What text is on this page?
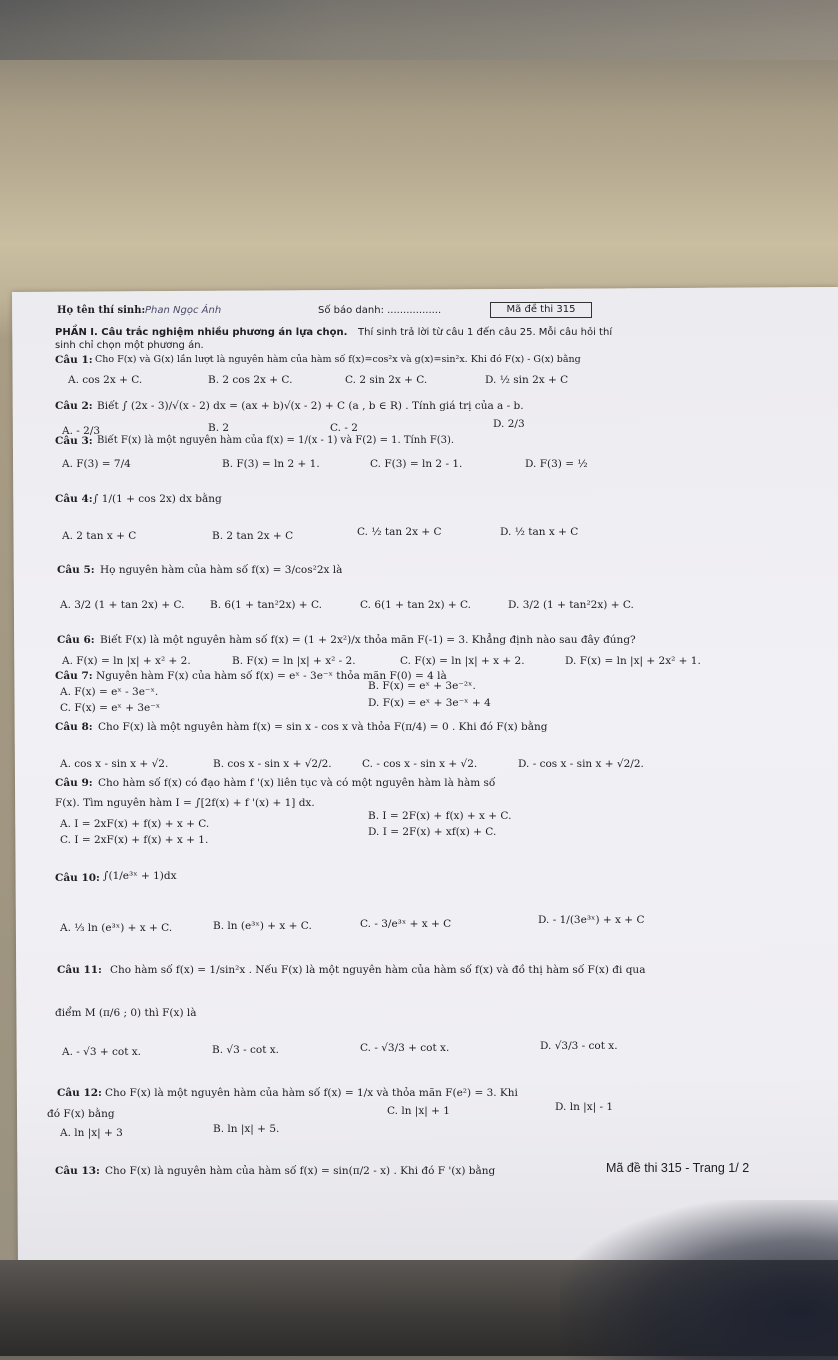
Họ tên thí sinh: Phan Ngọc Ánh	Số báo danh: .................	Mã đề thi 315
PHẦN I. Câu trắc nghiệm nhiều phương án lựa chọn. Thí sinh trả lời từ câu 1 đến câu 25. Mỗi câu hỏi thí
sinh chỉ chọn một phương án.
Câu 1: Cho F(x) và G(x) lần lượt là nguyên hàm của hàm số f(x)=cos²x và g(x)=sin²x. Khi đó F(x) - G(x) bằng
A. cos 2x + C.	B. 2 cos 2x + C.	C. 2 sin 2x + C.	D. ½ sin 2x + C
Câu 2: Biết ∫ (2x - 3)/√(x - 2) dx = (ax + b)√(x - 2) + C (a , b ∈ R) . Tính giá trị của a - b.
A. - 2/3	B. 2	C. - 2	D. 2/3
Câu 3: Biết F(x) là một nguyên hàm của f(x) = 1/(x - 1) và F(2) = 1. Tính F(3).
A. F(3) = 7/4	B. F(3) = ln 2 + 1.	C. F(3) = ln 2 - 1.	D. F(3) = ½
Câu 4: ∫ 1/(1 + cos 2x) dx bằng
A. 2 tan x + C	B. 2 tan 2x + C	C. ½ tan 2x + C	D. ½ tan x + C
Câu 5: Họ nguyên hàm của hàm số f(x) = 3/cos²2x là
A. 3/2 (1 + tan 2x) + C. B. 6(1 + tan²2x) + C.	C. 6(1 + tan 2x) + C.	D. 3/2 (1 + tan²2x) + C.
Câu 6: Biết F(x) là một nguyên hàm số f(x) = (1 + 2x²)/x thỏa mãn F(-1) = 3. Khẳng định nào sau đây đúng?
A. F(x) = ln |x| + x² + 2.	B. F(x) = ln |x| + x² - 2.	C. F(x) = ln |x| + x + 2.	D. F(x) = ln |x| + 2x² + 1.
Câu 7: Nguyên hàm F(x) của hàm số f(x) = eˣ - 3e⁻ˣ thỏa mãn F(0) = 4 là
A. F(x) = eˣ - 3e⁻ˣ.	B. F(x) = eˣ + 3e⁻²ˣ.
C. F(x) = eˣ + 3e⁻ˣ	D. F(x) = eˣ + 3e⁻ˣ + 4
Câu 8: Cho F(x) là một nguyên hàm f(x) = sin x - cos x và thỏa F(π/4) = 0 . Khi đó F(x) bằng
A. cos x - sin x + √2.	B. cos x - sin x + √2/2.	C. - cos x - sin x + √2.	D. - cos x - sin x + √2/2.
Câu 9: Cho hàm số f(x) có đạo hàm f '(x) liên tục và có một nguyên hàm là hàm số
F(x). Tìm nguyên hàm I = ∫[2f(x) + f '(x) + 1] dx.
A. I = 2xF(x) + f(x) + x + C.
B. I = 2F(x) + f(x) + x + C.
C. I = 2xF(x) + f(x) + x + 1.
D. I = 2F(x) + xf(x) + C.
Câu 10: ∫(1/e³ˣ + 1)dx
A. ⅓ ln (e³ˣ) + x + C.	B. ln (e³ˣ) + x + C.	C. - 3/e³ˣ + x + C	D. - 1/(3e³ˣ) + x + C
Câu 11: Cho hàm số f(x) = 1/sin²x . Nếu F(x) là một nguyên hàm của hàm số f(x) và đồ thị hàm số F(x) đi qua
điểm M (π/6 ; 0) thì F(x) là
A. - √3 + cot x.	B. √3 - cot x.	C. - √3/3 + cot x.	D. √3/3 - cot x.
Câu 12: Cho F(x) là một nguyên hàm của hàm số f(x) = 1/x và thỏa mãn F(e²) = 3. Khi
đó F(x) bằng
A. ln |x| + 3	B. ln |x| + 5.
C. ln |x| + 1	D. ln |x| - 1
Câu 13: Cho F(x) là nguyên hàm của hàm số f(x) = sin(π/2 - x) . Khi đó F '(x) bằng	Mã đề thi 315 - Trang 1/ 2
